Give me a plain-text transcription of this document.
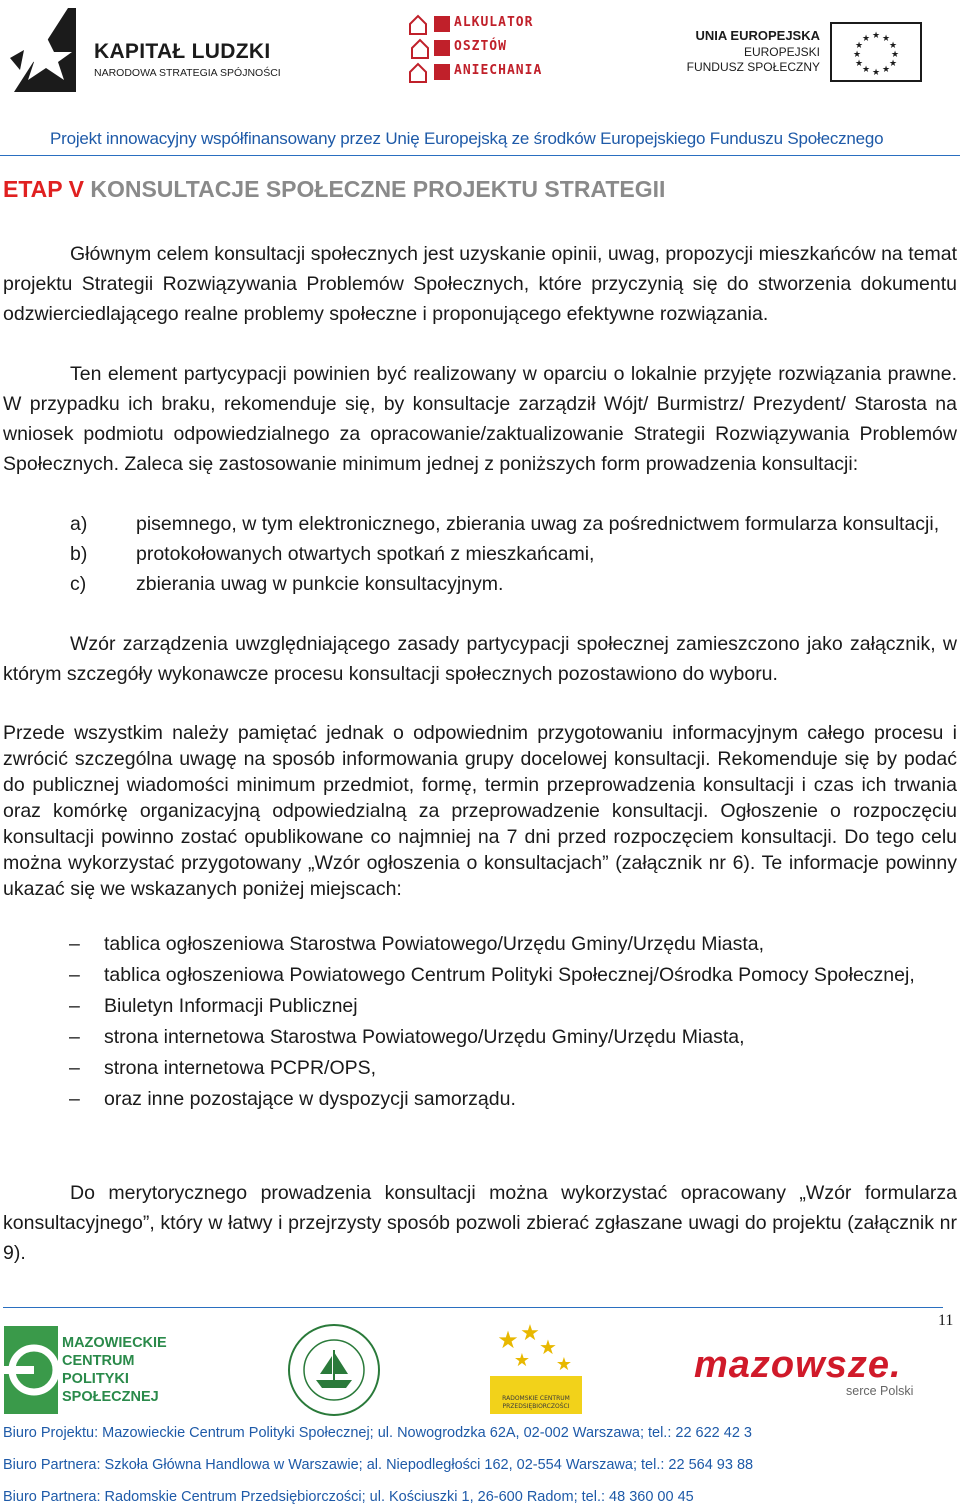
KAPITAŁ LUDZKI
NARODOWA STRATEGIA SPÓJNOŚCI
ALKULATOR
OSZTÓW
ANIECHANIA
UNIA EUROPEJSKA
EUROPEJSKI
FUNDUSZ SPOŁECZNY
★ ★
★
★
★
★
★
★
★
★
★
★
Projekt innowacyjny współfinansowany przez Unię Europejską ze środków Europejskiego Funduszu Społecznego
ETAP V KONSULTACJE SPOŁECZNE PROJEKTU STRATEGII
Głównym celem konsultacji społecznych jest uzyskanie opinii, uwag, propozycji mieszkańców na temat projektu Strategii Rozwiązywania Problemów Społecznych, które przyczynią się do stworzenia dokumentu odzwierciedlającego realne problemy społeczne i proponującego efektywne rozwiązania.
Ten element partycypacji powinien być realizowany w oparciu o lokalnie przyjęte rozwiązania prawne. W przypadku ich braku, rekomenduje się, by konsultacje zarządził Wójt/ Burmistrz/ Prezydent/ Starosta na wniosek podmiotu odpowiedzialnego za opracowanie/zaktualizowanie Strategii Rozwiązywania Problemów Społecznych. Zaleca się zastosowanie minimum jednej z poniższych form prowadzenia konsultacji:
a) pisemnego, w tym elektronicznego, zbierania uwag za pośrednictwem formularza konsultacji,
b) protokołowanych otwartych spotkań z mieszkańcami,
c)	zbierania uwag w punkcie konsultacyjnym.
Wzór zarządzenia uwzględniającego zasady partycypacji społecznej zamieszczono jako załącznik, w którym szczegóły wykonawcze procesu konsultacji społecznych pozostawiono do wyboru.
Przede wszystkim należy pamiętać jednak o odpowiednim przygotowaniu informacyjnym całego procesu i zwrócić szczególna uwagę na sposób informowania grupy docelowej konsultacji. Rekomenduje się by podać do publicznej wiadomości minimum przedmiot, formę, termin przeprowadzenia konsultacji i czas ich trwania oraz komórkę organizacyjną odpowiedzialną za przeprowadzenie konsultacji. Ogłoszenie o rozpoczęciu konsultacji powinno zostać opublikowane co najmniej na 7 dni przed rozpoczęciem konsultacji. Do tego celu można wykorzystać przygotowany „Wzór ogłoszenia o konsultacjach” (załącznik nr 6). Te informacje powinny ukazać się we wskazanych poniżej miejscach:
– tablica ogłoszeniowa Starostwa Powiatowego/Urzędu Gminy/Urzędu Miasta,
– tablica ogłoszeniowa Powiatowego Centrum Polityki Społecznej/Ośrodka Pomocy Społecznej,
– Biuletyn Informacji Publicznej
– strona internetowa Starostwa Powiatowego/Urzędu Gminy/Urzędu Miasta,
– strona internetowa PCPR/OPS,
– oraz inne pozostające w dyspozycji samorządu.
Do merytorycznego prowadzenia konsultacji można wykorzystać opracowany „Wzór formularza konsultacyjnego”, który w łatwy i przejrzysty sposób pozwoli zbierać zgłaszane uwagi do projektu (załącznik nr 9).
11
MAZOWIECKIE
CENTRUM
POLITYKI
SPOŁECZNEJ
★ ★
★
★
★
RADOMSKIE CENTRUM
PRZEDSIĘBIORCZOŚCI
mazowsze.
serce Polski
Biuro Projektu: Mazowieckie Centrum Polityki Społecznej; ul. Nowogrodzka 62A, 02-002 Warszawa; tel.: 22 622 42 3
Biuro Partnera: Szkoła Główna Handlowa w Warszawie; al. Niepodległości 162, 02-554 Warszawa; tel.: 22 564 93 88
Biuro Partnera: Radomskie Centrum Przedsiębiorczości; ul. Kościuszki 1, 26-600 Radom; tel.: 48 360 00 45
